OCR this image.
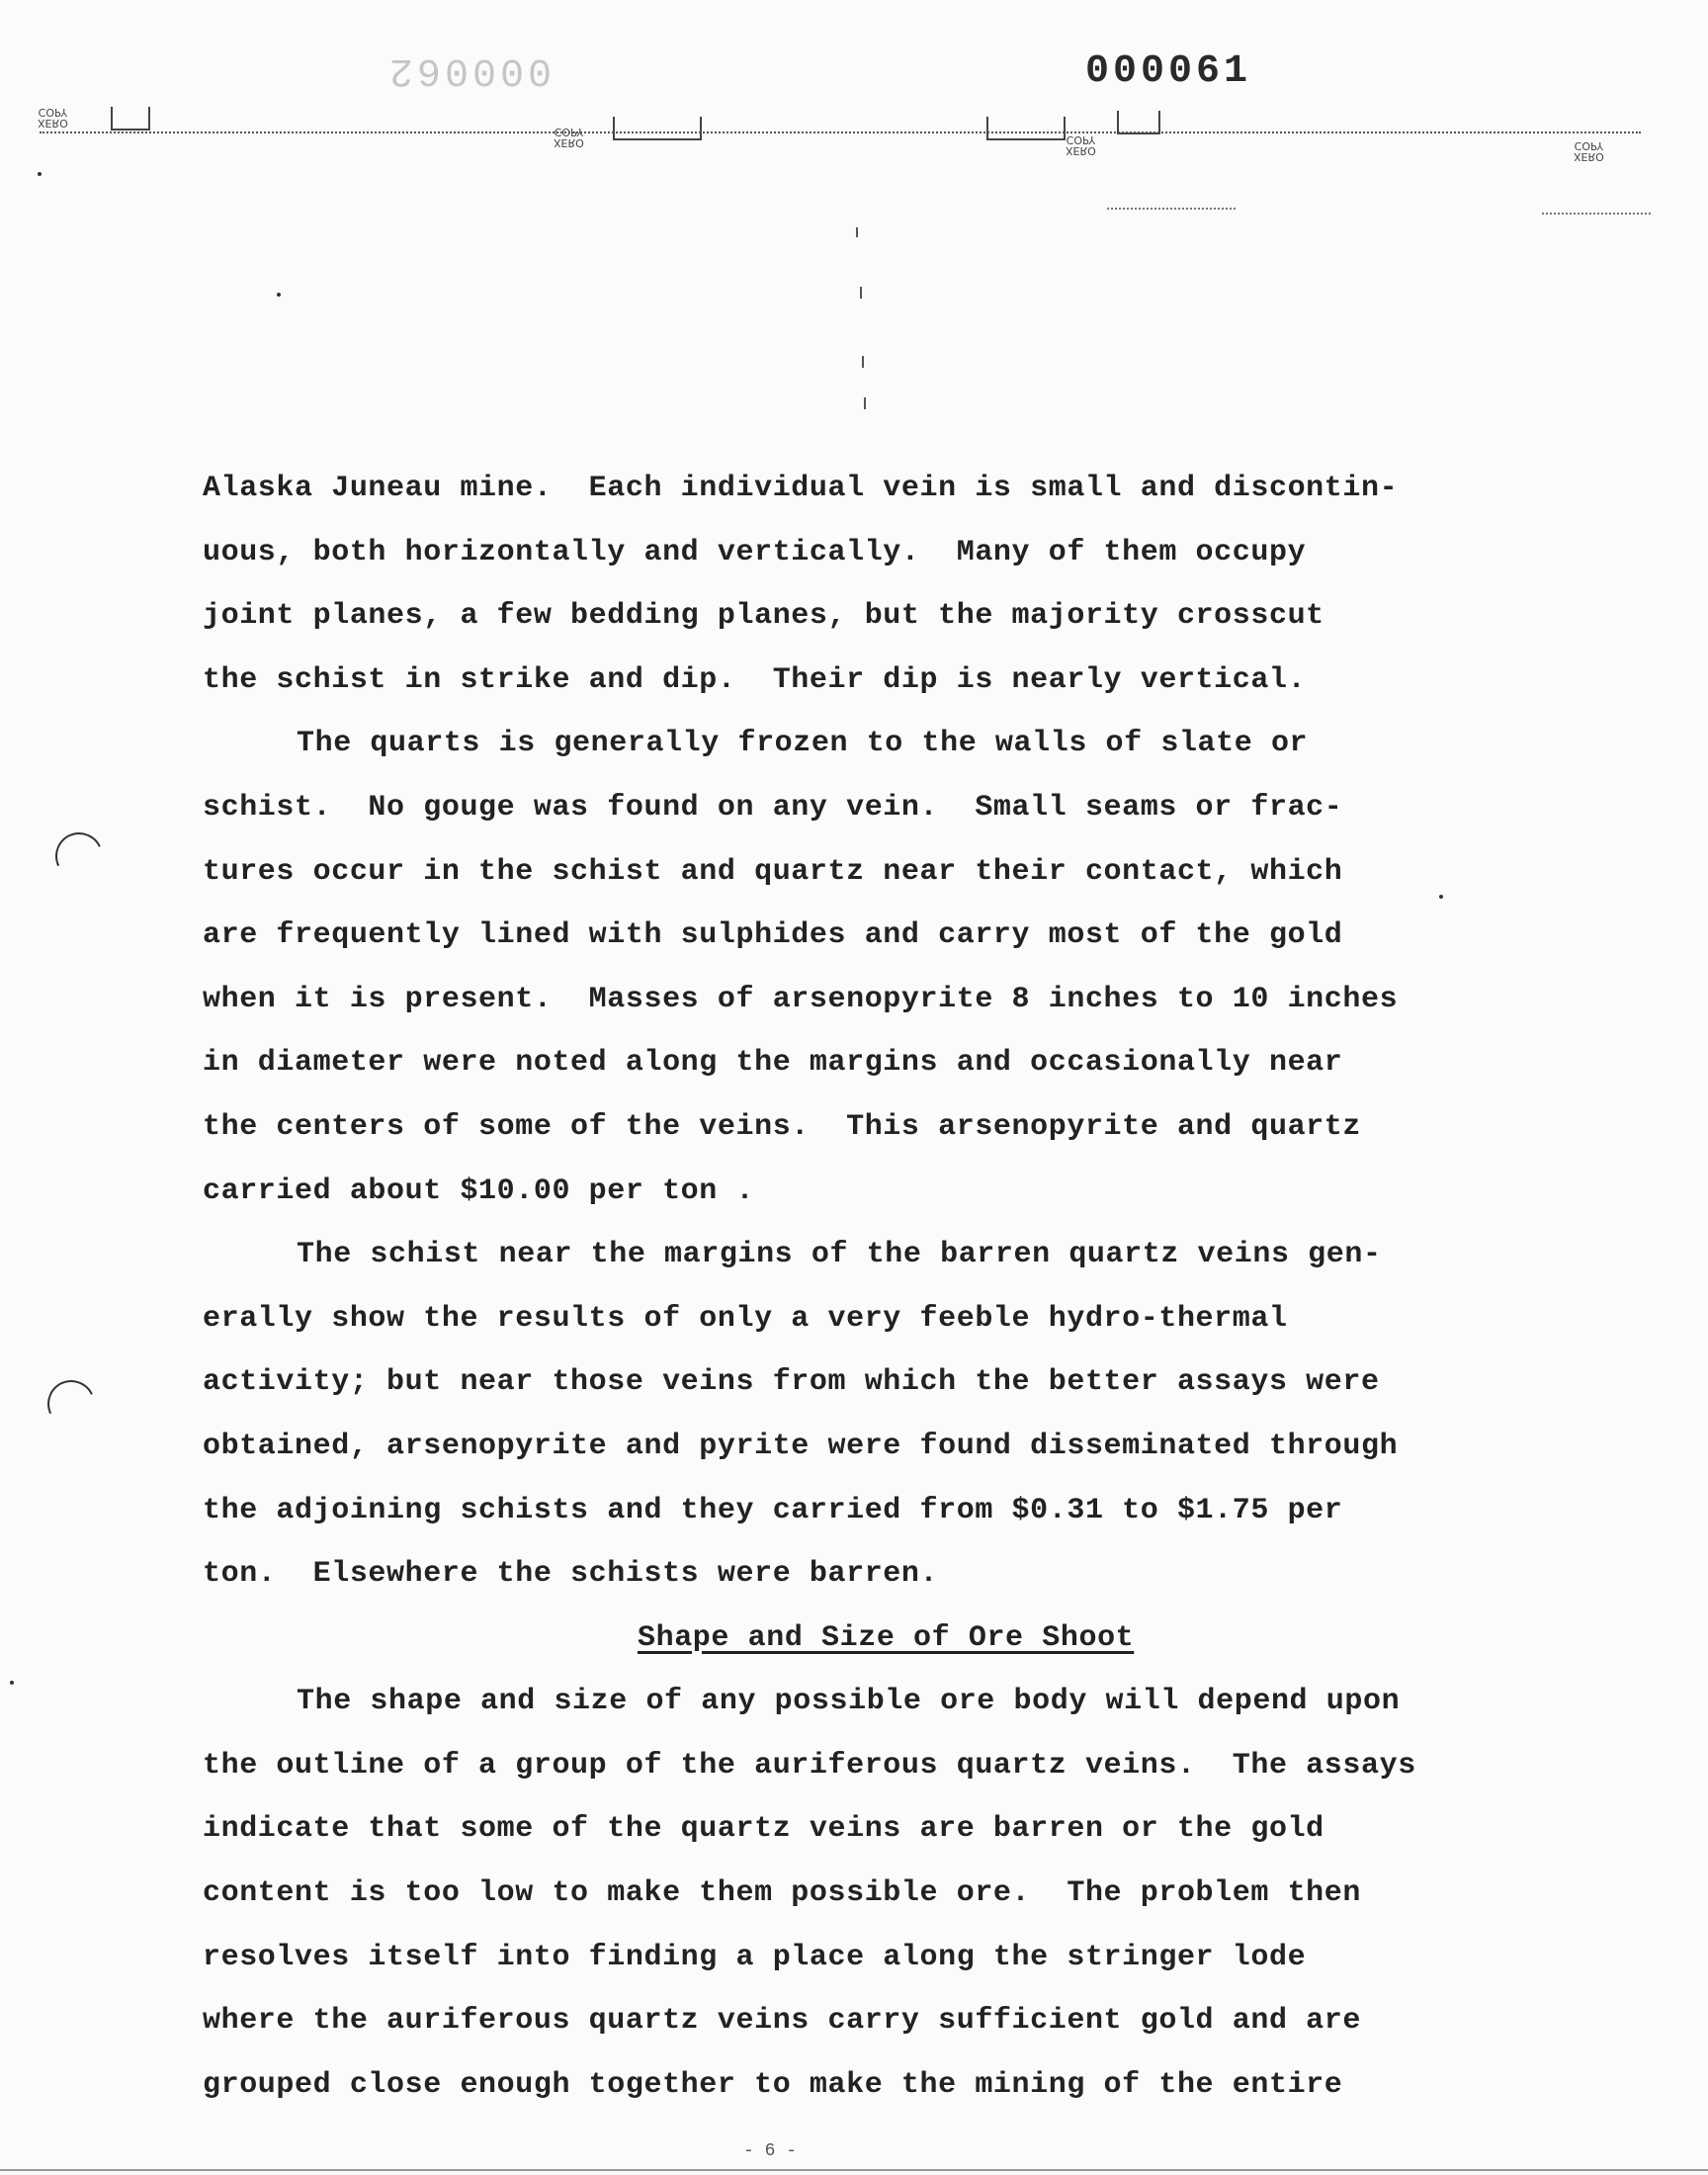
000062	000061
COPY
XERO
COPY
XERO	COPY
XERO	COPY
XERO
Alaska Juneau mine.  Each individual vein is small and discontin-
uous, both horizontally and vertically.  Many of them occupy
joint planes, a few bedding planes, but the majority crosscut
the schist in strike and dip.  Their dip is nearly vertical.
The quarts is generally frozen to the walls of slate or
schist.  No gouge was found on any vein.  Small seams or frac-
tures occur in the schist and quartz near their contact, which
are frequently lined with sulphides and carry most of the gold
when it is present.  Masses of arsenopyrite 8 inches to 10 inches
in diameter were noted along the margins and occasionally near
the centers of some of the veins.  This arsenopyrite and quartz
carried about $10.00 per ton .
The schist near the margins of the barren quartz veins gen-
erally show the results of only a very feeble hydro-thermal
activity; but near those veins from which the better assays were
obtained, arsenopyrite and pyrite were found disseminated through
the adjoining schists and they carried from $0.31 to $1.75 per
ton.  Elsewhere the schists were barren.
Shape and Size of Ore Shoot
The shape and size of any possible ore body will depend upon
the outline of a group of the auriferous quartz veins.  The assays
indicate that some of the quartz veins are barren or the gold
content is too low to make them possible ore.  The problem then
resolves itself into finding a place along the stringer lode
where the auriferous quartz veins carry sufficient gold and are
grouped close enough together to make the mining of the entire
- 6 -
